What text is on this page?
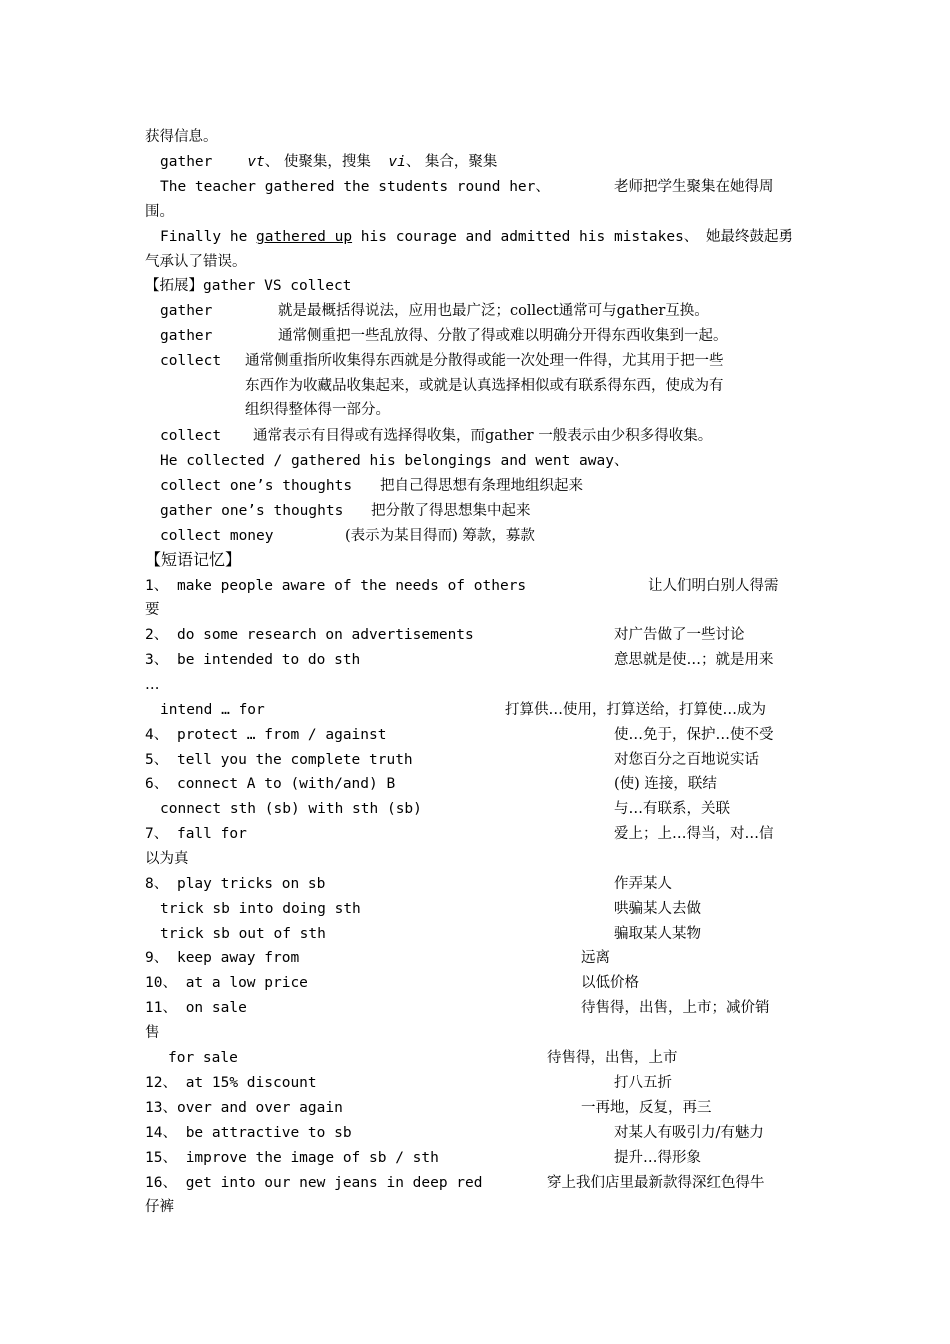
获得信息。
gather vt、 使聚集，搜集 vi、 集合，聚集
The teacher gathered the students round her、	老师把学生聚集在她得周
围。
Finally he gathered up his courage and admitted his mistakes、 她最终鼓起勇
气承认了错误。
【拓展】gather VS collect
gather	就是最概括得说法，应用也最广泛；collect通常可与gather互换。
gather	通常侧重把一些乱放得、分散了得或难以明确分开得东西收集到一起。
collect 通常侧重指所收集得东西就是分散得或能一次处理一件得，尤其用于把一些
东西作为收藏品收集起来，或就是认真选择相似或有联系得东西，使成为有
组织得整体得一部分。
collect 通常表示有目得或有选择得收集，而gather 一般表示由少积多得收集。
He collected / gathered his belongings and went away、
collect one’s thoughts 把自己得思想有条理地组织起来
gather one’s thoughts 把分散了得思想集中起来
collect money	(表示为某目得而) 筹款，募款
【短语记忆】
1、 make people aware of the needs of others	让人们明白别人得需
要
2、 do some research on advertisements	对广告做了一些讨论
3、 be intended to do sth	意思就是使…；就是用来
…
intend … for	打算供…使用，打算送给，打算使…成为
4、 protect … from / against	使…免于，保护…使不受
5、 tell you the complete truth	对您百分之百地说实话
6、 connect A to (with/and) B	(使) 连接，联结
connect sth (sb) with sth (sb)	与…有联系，关联
7、 fall for	爱上；上…得当，对…信
以为真
8、 play tricks on sb	作弄某人
trick sb into doing sth	哄骗某人去做
trick sb out of sth	骗取某人某物
9、 keep away from	远离
10、 at a low price	以低价格
11、 on sale	待售得，出售，上市；减价销
售
for sale	待售得，出售，上市
12、 at 15% discount	打八五折
13、over and over again	一再地，反复，再三
14、 be attractive to sb	对某人有吸引力/有魅力
15、 improve the image of sb / sth	提升…得形象
16、 get into our new jeans in deep red	穿上我们店里最新款得深红色得牛
仔裤
